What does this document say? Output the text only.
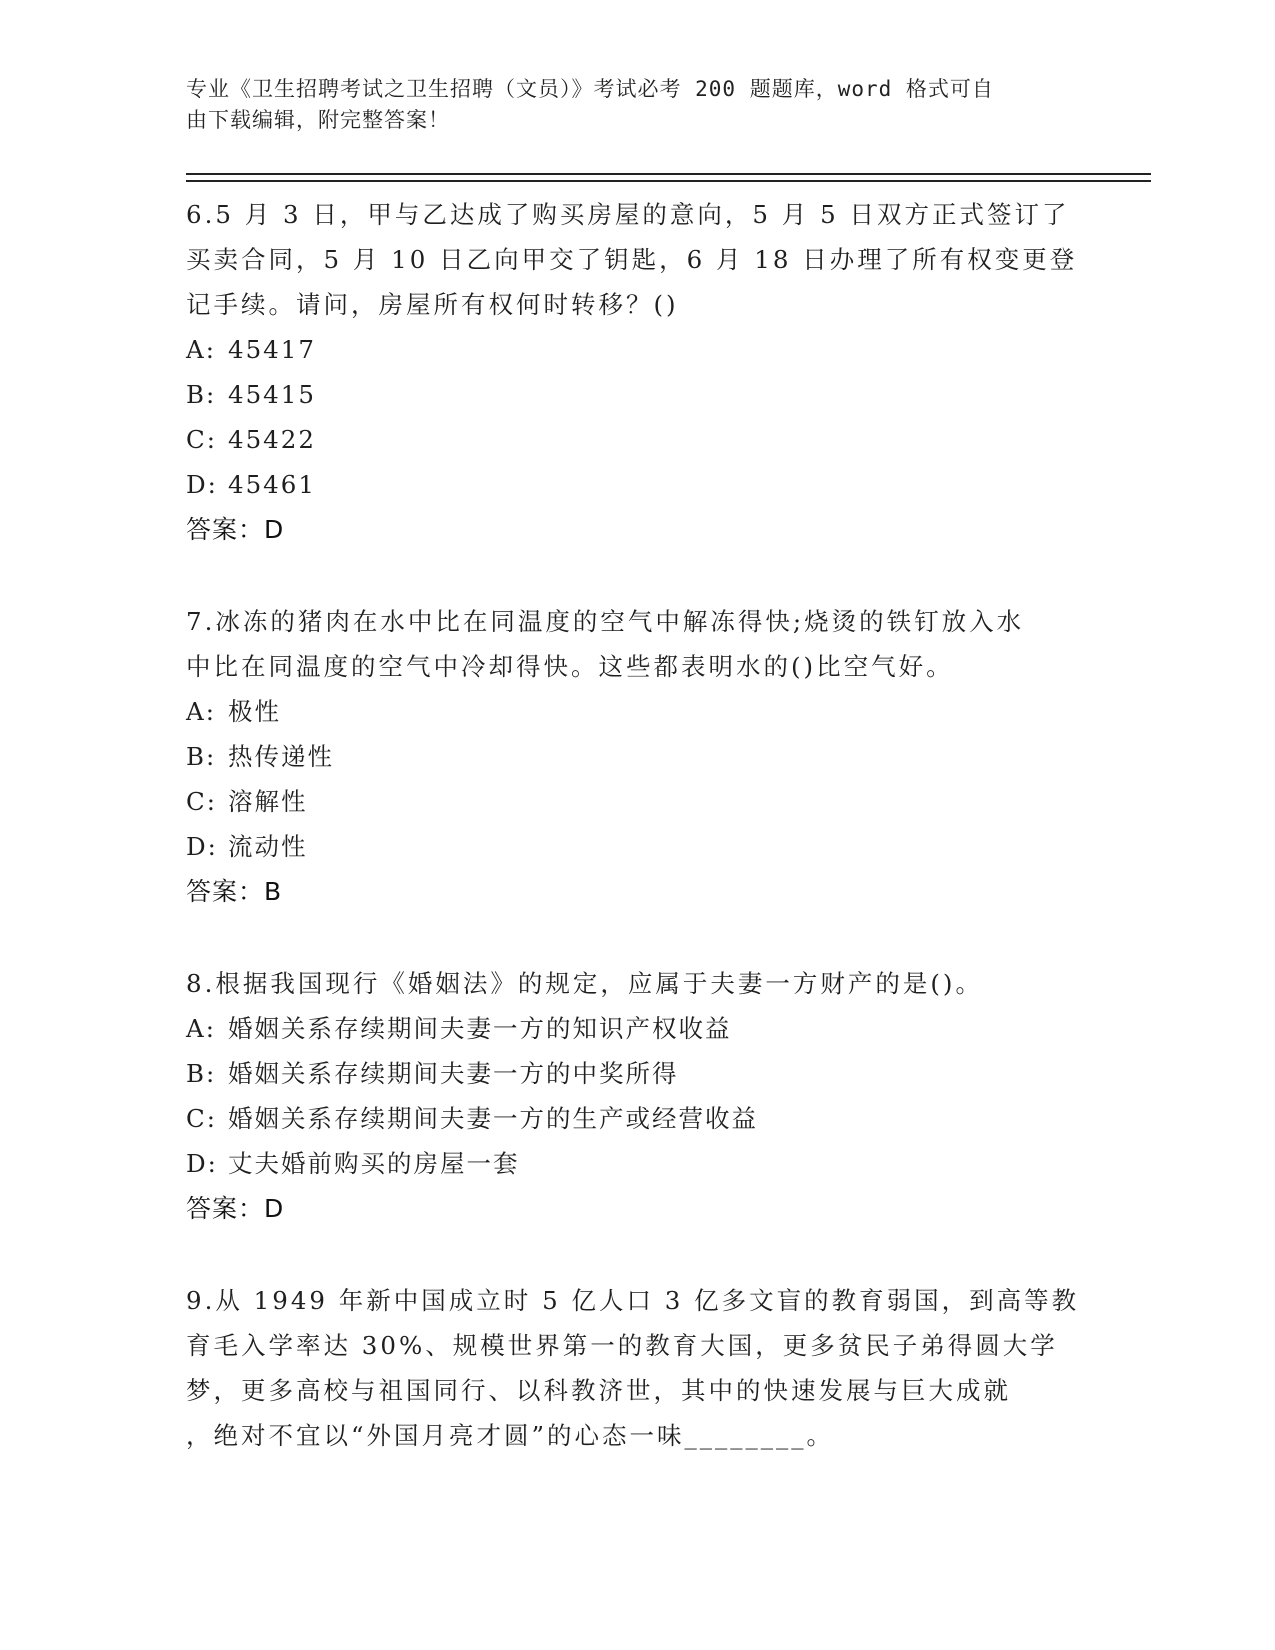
专业《卫生招聘考试之卫生招聘（文员）》考试必考 200 题题库，word 格式可自
由下载编辑，附完整答案！
6.5 月 3 日，甲与乙达成了购买房屋的意向，5 月 5 日双方正式签订了
买卖合同，5 月 10 日乙向甲交了钥匙，6 月 18 日办理了所有权变更登
记手续。请问，房屋所有权何时转移？()
A: 45417
B: 45415
C: 45422
D: 45461
答案：D
7.冰冻的猪肉在水中比在同温度的空气中解冻得快;烧烫的铁钉放入水
中比在同温度的空气中冷却得快。这些都表明水的()比空气好。
A: 极性
B: 热传递性
C: 溶解性
D: 流动性
答案：B
8.根据我国现行《婚姻法》的规定，应属于夫妻一方财产的是()。
A: 婚姻关系存续期间夫妻一方的知识产权收益
B: 婚姻关系存续期间夫妻一方的中奖所得
C: 婚姻关系存续期间夫妻一方的生产或经营收益
D: 丈夫婚前购买的房屋一套
答案：D
9.从 1949 年新中国成立时 5 亿人口 3 亿多文盲的教育弱国，到高等教
育毛入学率达 30%、规模世界第一的教育大国，更多贫民子弟得圆大学
梦，更多高校与祖国同行、以科教济世，其中的快速发展与巨大成就
，绝对不宜以“外国月亮才圆”的心态一味________。
